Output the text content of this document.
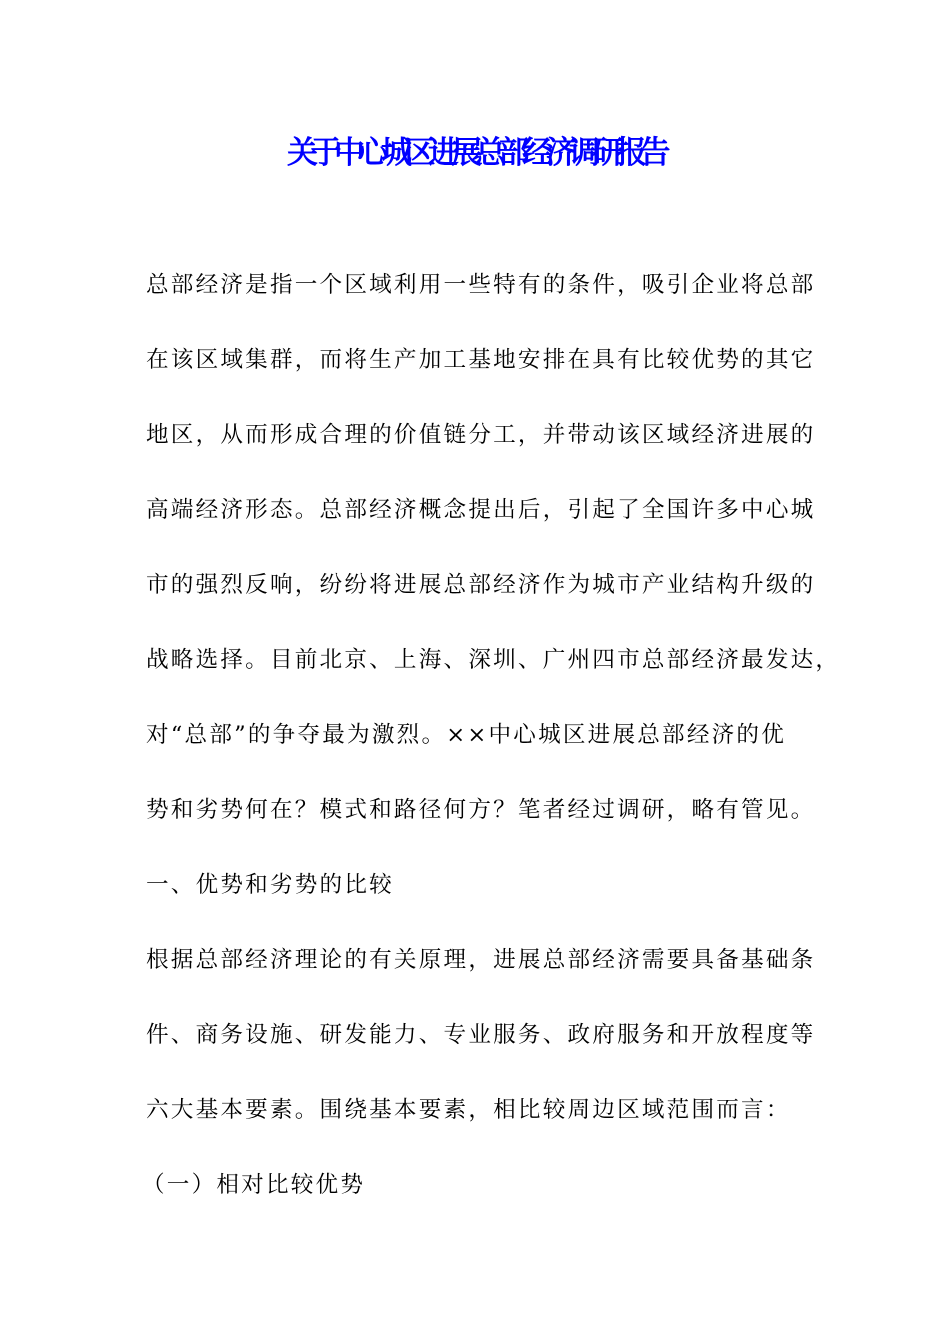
关于中心城区进展总部经济调研报告
总部经济是指一个区域利用一些特有的条件，吸引企业将总部
在该区域集群，而将生产加工基地安排在具有比较优势的其它
地区，从而形成合理的价值链分工，并带动该区域经济进展的
高端经济形态。总部经济概念提出后，引起了全国许多中心城
市的强烈反响，纷纷将进展总部经济作为城市产业结构升级的
战略选择。目前北京、上海、深圳、广州四市总部经济最发达，
对“总部”的争夺最为激烈。××中心城区进展总部经济的优
势和劣势何在？模式和路径何方？笔者经过调研，略有管见。
一、优势和劣势的比较
根据总部经济理论的有关原理，进展总部经济需要具备基础条
件、商务设施、研发能力、专业服务、政府服务和开放程度等
六大基本要素。围绕基本要素，相比较周边区域范围而言：
（一）相对比较优势
